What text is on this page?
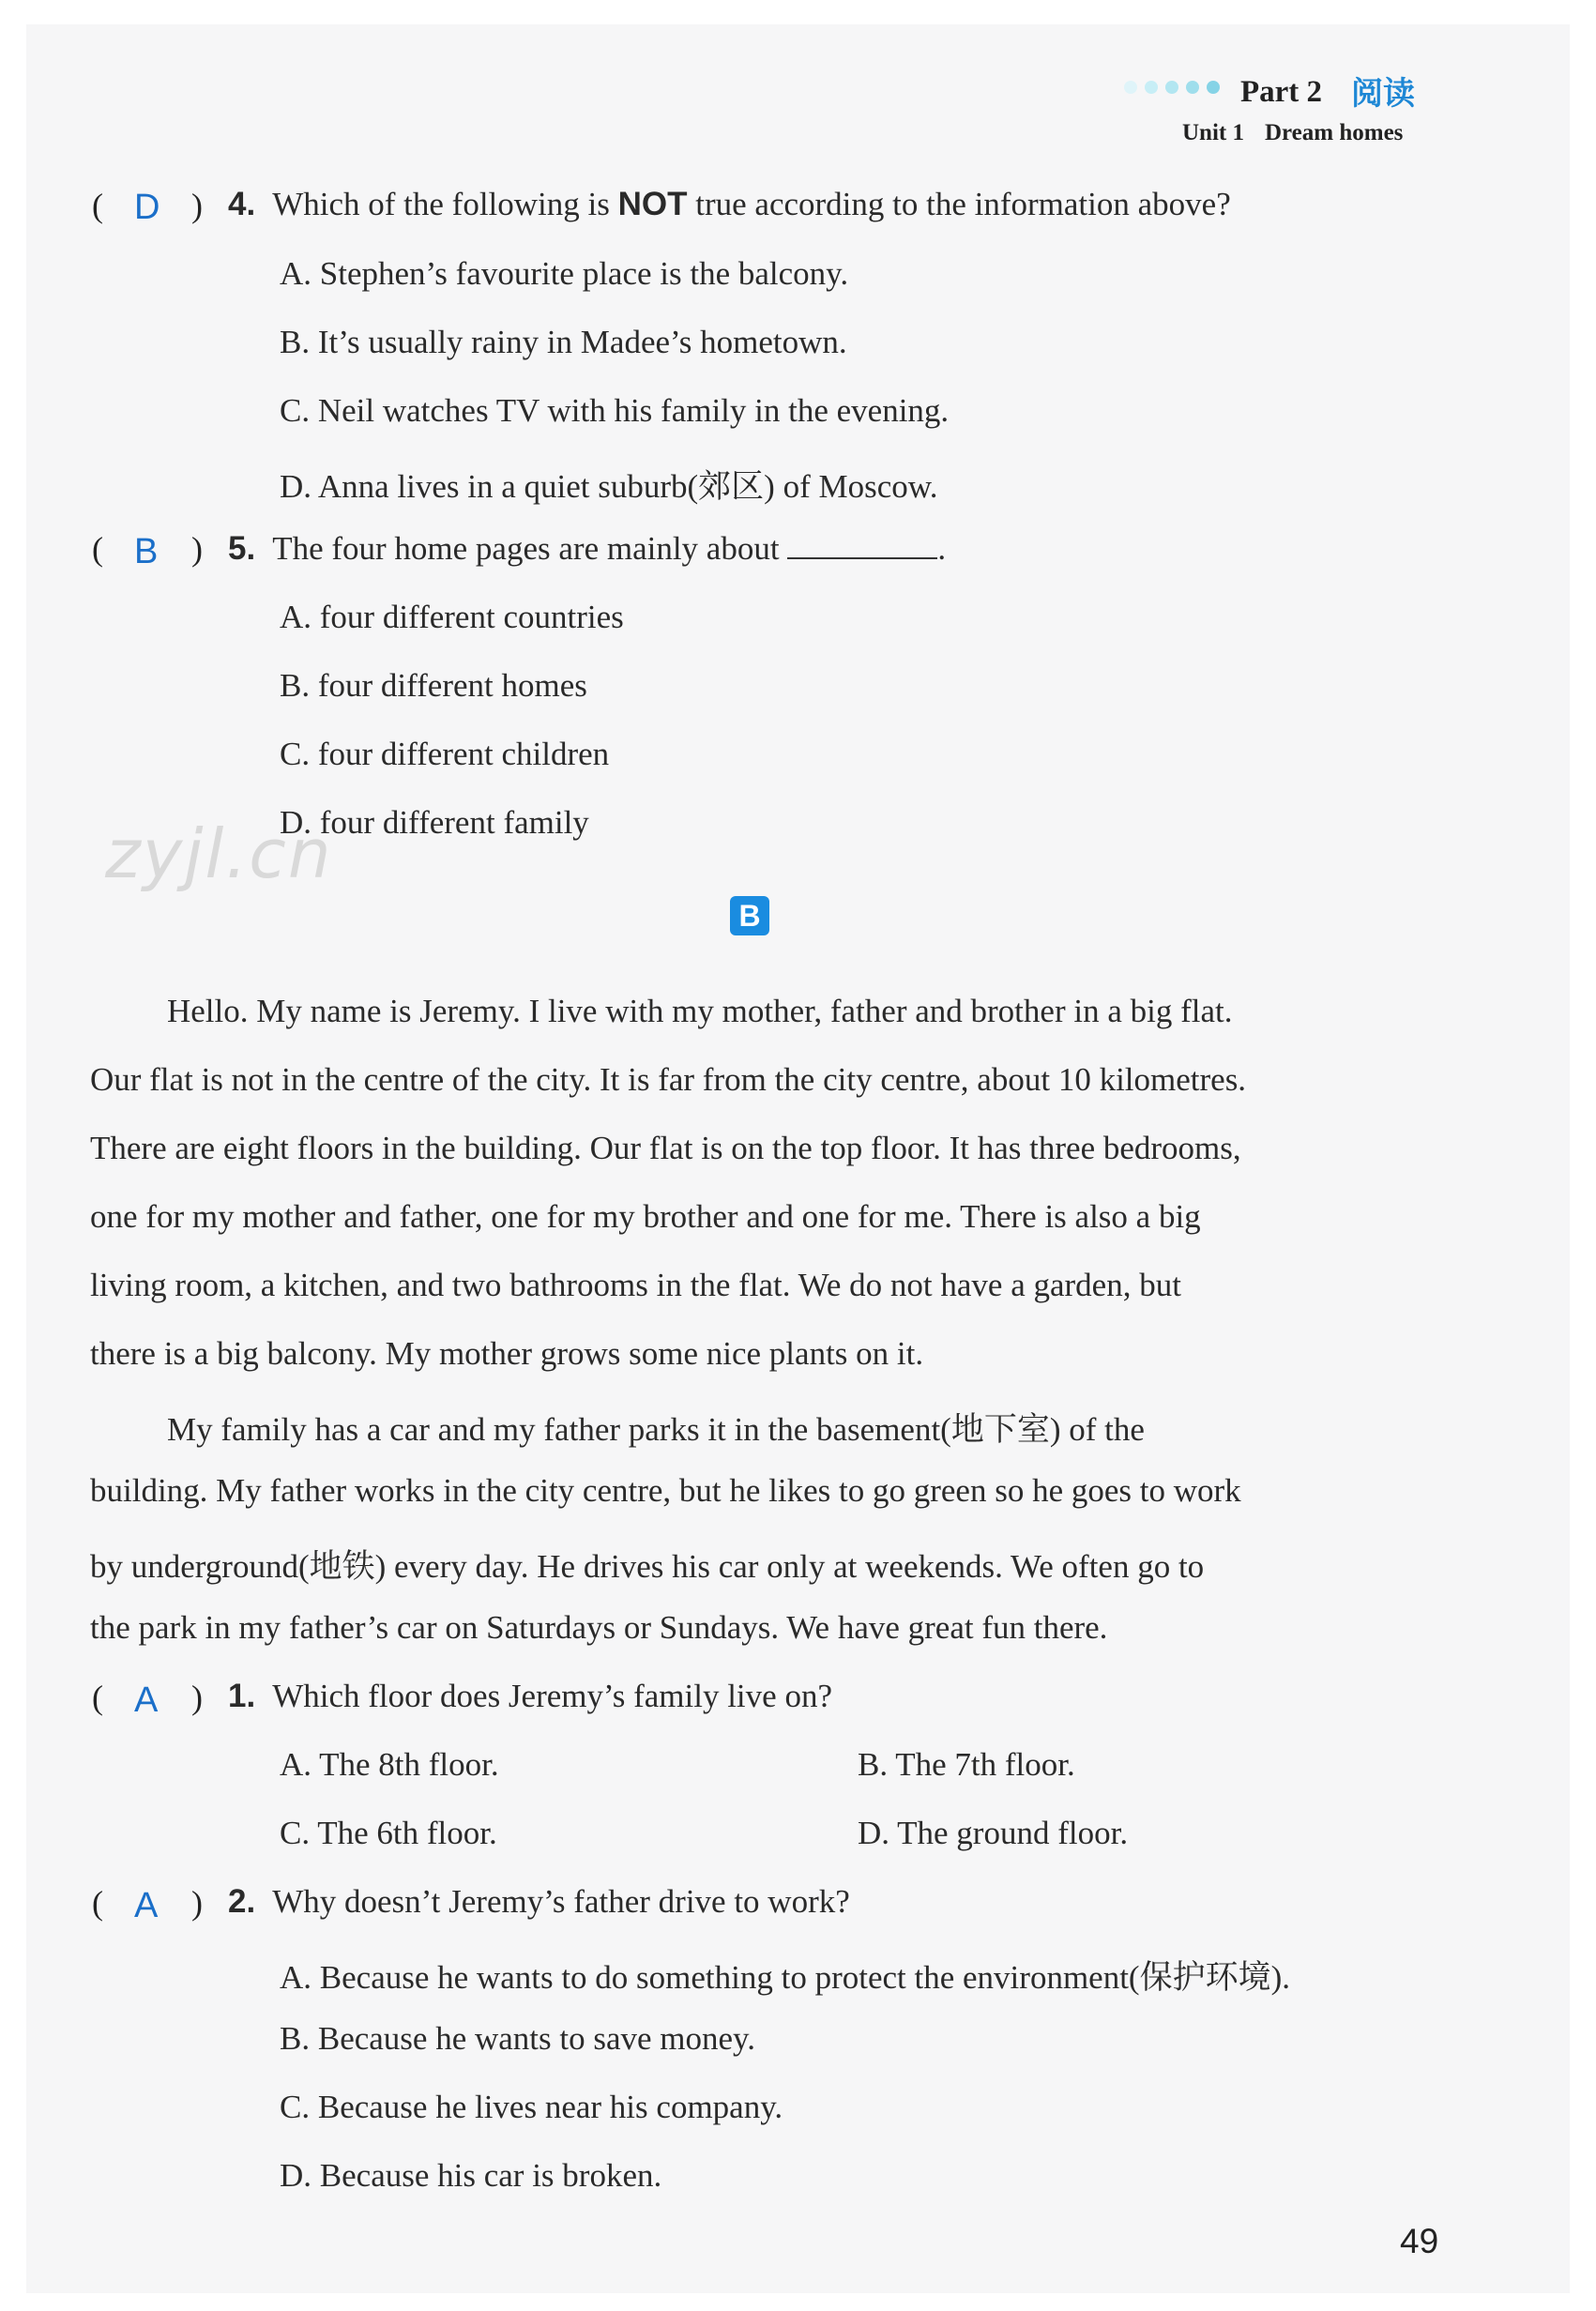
Part 2 阅读
Unit 1 Dream homes
( D ) 4. Which of the following is NOT true according to the information above?
A. Stephen’s favourite place is the balcony.
B. It’s usually rainy in Madee’s hometown.
C. Neil watches TV with his family in the evening.
D. Anna lives in a quiet suburb(郊区) of Moscow.
( B ) 5. The four home pages are mainly about	.
A. four different countries
B. four different homes
C. four different children
D. four different family
zyjl.cn
B
Hello. My name is Jeremy. I live with my mother, father and brother in a big flat.
Our flat is not in the centre of the city. It is far from the city centre, about 10 kilometres.
There are eight floors in the building. Our flat is on the top floor. It has three bedrooms,
one for my mother and father, one for my brother and one for me. There is also a big
living room, a kitchen, and two bathrooms in the flat. We do not have a garden, but
there is a big balcony. My mother grows some nice plants on it.
My family has a car and my father parks it in the basement(地下室) of the
building. My father works in the city centre, but he likes to go green so he goes to work
by underground(地铁) every day. He drives his car only at weekends. We often go to
the park in my father’s car on Saturdays or Sundays. We have great fun there.
( A ) 1. Which floor does Jeremy’s family live on?
A. The 8th floor.	B. The 7th floor.
C. The 6th floor.	D. The ground floor.
( A ) 2. Why doesn’t Jeremy’s father drive to work?
A. Because he wants to do something to protect the environment(保护环境).
B. Because he wants to save money.
C. Because he lives near his company.
D. Because his car is broken.
49
